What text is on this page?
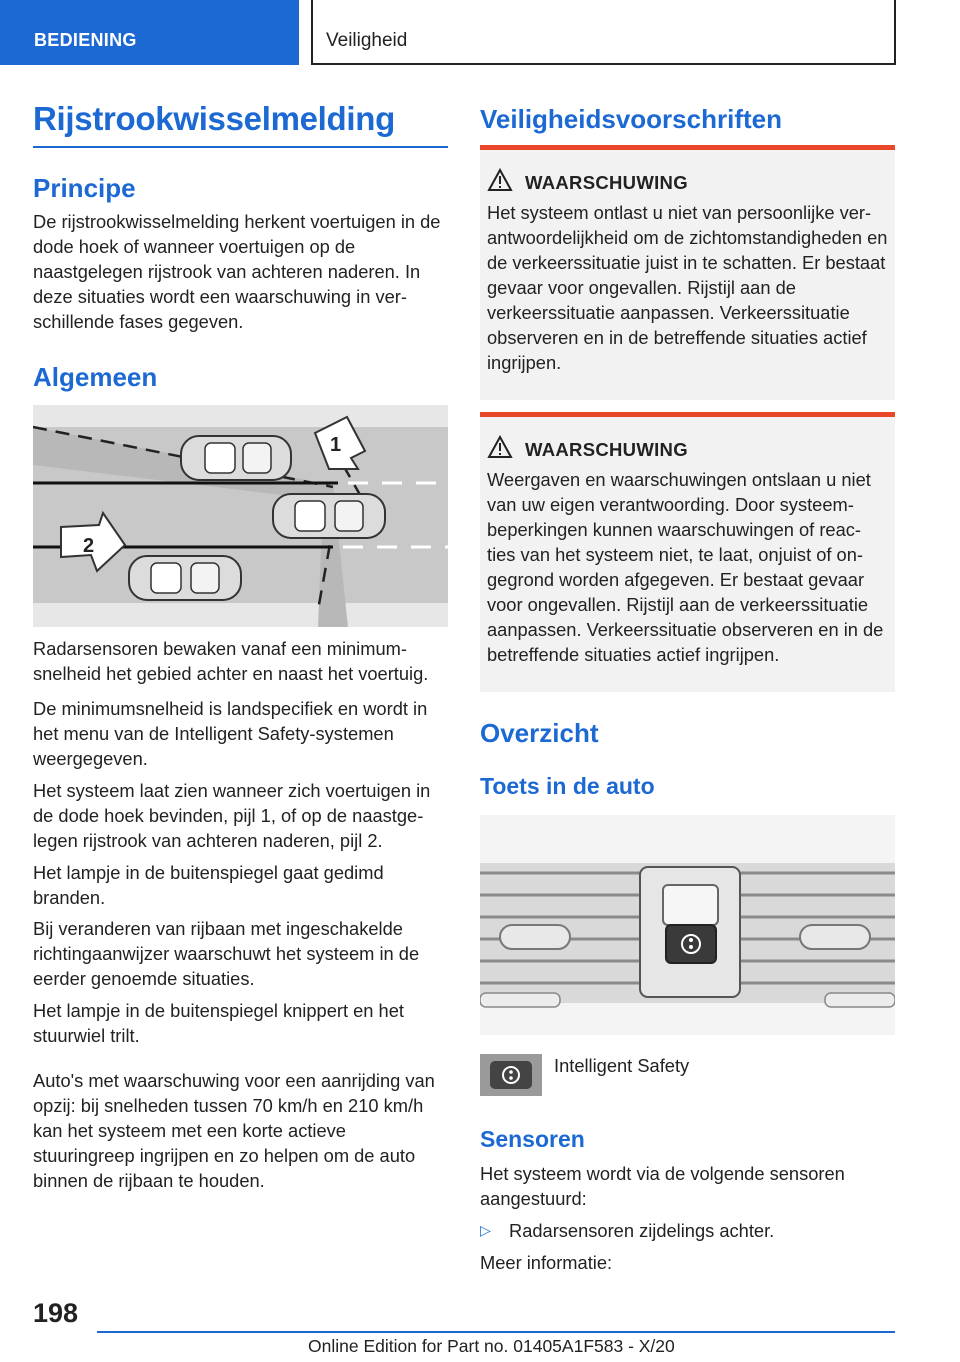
BEDIENING	Veiligheid
Rijstrookwisselmelding
Principe

De rijstrookwisselmelding herkent voertuigen in de dode hoek of wanneer voertuigen op de naastgelegen rijstrook van achteren naderen. In deze situaties wordt een waarschuwing in ver-schillende fases gegeven.

Algemeen
1
2

Radarsensoren bewaken vanaf een minimum-snelheid het gebied achter en naast het voertuig.

De minimumsnelheid is landspecifiek en wordt in het menu van de Intelligent Safety-systemen weergegeven.

Het systeem laat zien wanneer zich voertuigen in de dode hoek bevinden, pijl 1, of op de naastge-legen rijstrook van achteren naderen, pijl 2.

Het lampje in de buitenspiegel gaat gedimd branden.

Bij veranderen van rijbaan met ingeschakelde richtingaanwijzer waarschuwt het systeem in de eerder genoemde situaties.

Het lampje in de buitenspiegel knippert en het stuurwiel trilt.

Auto's met waarschuwing voor een aanrijding van opzij: bij snelheden tussen 70 km/h en 210 km/h kan het systeem met een korte actieve stuuringreep ingrijpen en zo helpen om de auto binnen de rijbaan te houden.

Veiligheidsvoorschriften
WAARSCHUWING
Het systeem ontlast u niet van persoonlijke ver-antwoordelijkheid om de zichtomstandigheden en de verkeerssituatie juist in te schatten. Er bestaat gevaar voor ongevallen. Rijstijl aan de verkeerssituatie aanpassen. Verkeerssituatie observeren en in de betreffende situaties actief ingrijpen.
WAARSCHUWING
Weergaven en waarschuwingen ontslaan u niet van uw eigen verantwoording. Door systeem-beperkingen kunnen waarschuwingen of reac-ties van het systeem niet, te laat, onjuist of on-gegrond worden afgegeven. Er bestaat gevaar voor ongevallen. Rijstijl aan de verkeerssituatie aanpassen. Verkeerssituatie observeren en in de betreffende situaties actief ingrijpen.
Overzicht
Toets in de auto
Intelligent Safety
Sensoren

Het systeem wordt via de volgende sensoren aangestuurd:

▷ Radarsensoren zijdelings achter.

Meer informatie:

198
Online Edition for Part no. 01405A1F583 - X/20
